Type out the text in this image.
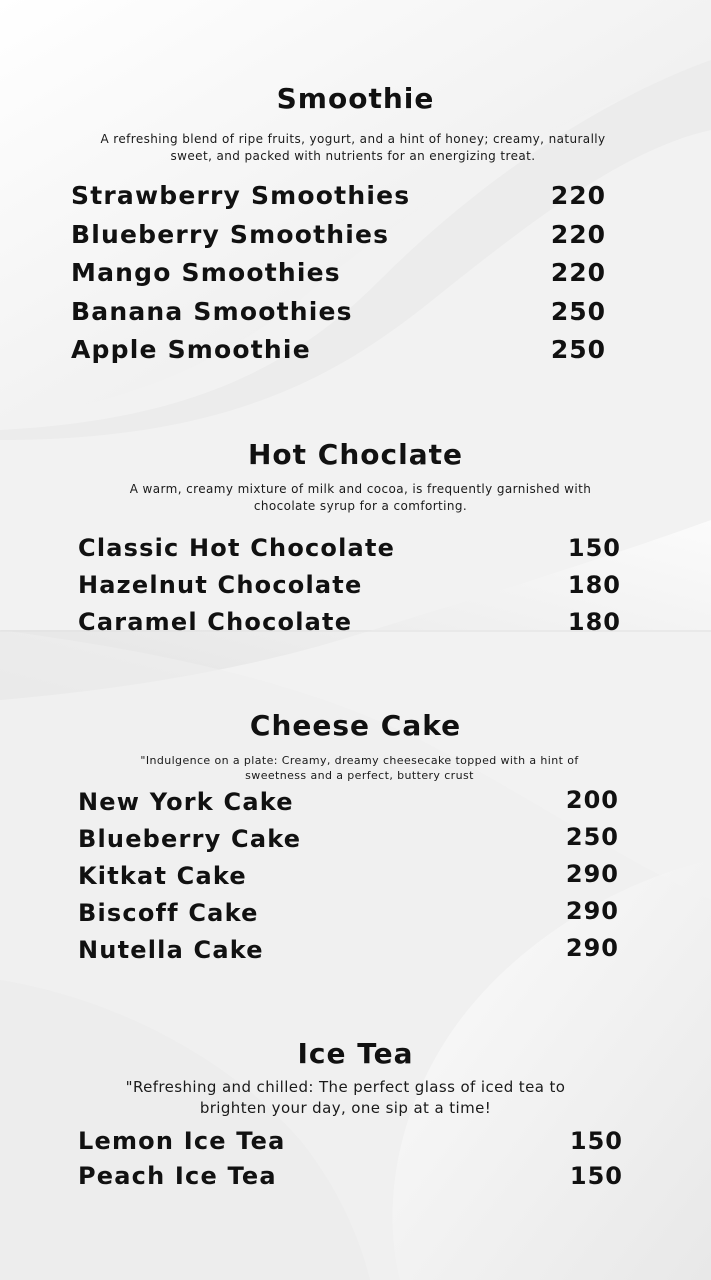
Smoothie
A refreshing blend of ripe fruits, yogurt, and a hint of honey; creamy, naturally sweet, and packed with nutrients for an energizing treat.
Strawberry Smoothies	220
Blueberry Smoothies	220
Mango Smoothies	220
Banana Smoothies	250
Apple Smoothie	250
Hot Choclate
A warm, creamy mixture of milk and cocoa, is frequently garnished with chocolate syrup for a comforting.
Classic Hot Chocolate	150
Hazelnut Chocolate	180
Caramel Chocolate	180
Cheese Cake
"Indulgence on a plate: Creamy, dreamy cheesecake topped with a hint of sweetness and a perfect, buttery crust
New York Cake	200
Blueberry Cake	250
Kitkat Cake	290
Biscoff Cake	290
Nutella Cake	290
Ice Tea
"Refreshing and chilled: The perfect glass of iced tea to brighten your day, one sip at a time!
Lemon Ice Tea	150
Peach Ice Tea	150
